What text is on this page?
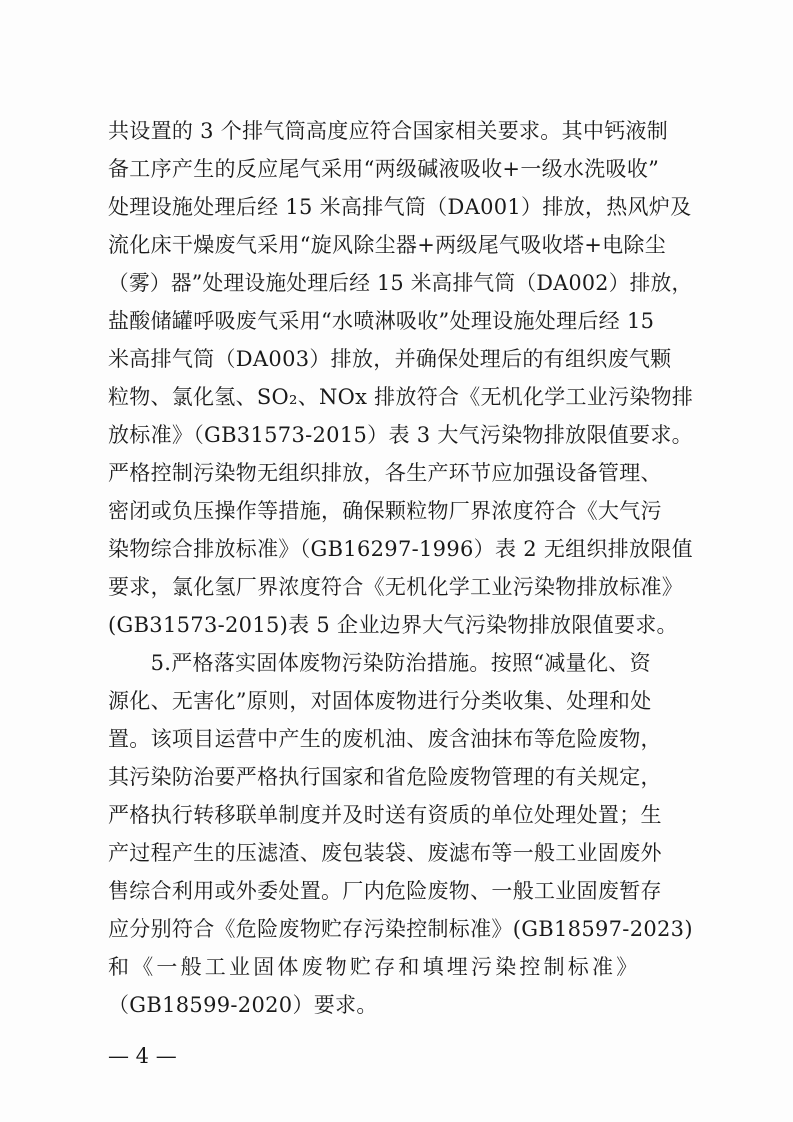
共设置的 3 个排气筒高度应符合国家相关要求。其中钙液制
备工序产生的反应尾气采用“两级碱液吸收+一级水洗吸收”
处理设施处理后经 15 米高排气筒（DA001）排放，热风炉及
流化床干燥废气采用“旋风除尘器+两级尾气吸收塔+电除尘
（雾）器”处理设施处理后经 15 米高排气筒（DA002）排放，
盐酸储罐呼吸废气采用“水喷淋吸收”处理设施处理后经 15
米高排气筒（DA003）排放，并确保处理后的有组织废气颗
粒物、氯化氢、SO₂、NOx 排放符合《无机化学工业污染物排
放标准》（GB31573-2015）表 3 大气污染物排放限值要求。
严格控制污染物无组织排放，各生产环节应加强设备管理、
密闭或负压操作等措施，确保颗粒物厂界浓度符合《大气污
染物综合排放标准》（GB16297-1996）表 2 无组织排放限值
要求，氯化氢厂界浓度符合《无机化学工业污染物排放标准》
(GB31573-2015)表 5 企业边界大气污染物排放限值要求。
　　5.严格落实固体废物污染防治措施。按照“减量化、资
源化、无害化”原则，对固体废物进行分类收集、处理和处
置。该项目运营中产生的废机油、废含油抹布等危险废物，
其污染防治要严格执行国家和省危险废物管理的有关规定，
严格执行转移联单制度并及时送有资质的单位处理处置；生
产过程产生的压滤渣、废包装袋、废滤布等一般工业固废外
售综合利用或外委处置。厂内危险废物、一般工业固废暂存
应分别符合《危险废物贮存污染控制标准》(GB18597-2023)
和《一般工业固体废物贮存和填埋污染控制标准》
（GB18599-2020）要求。
— 4 —
